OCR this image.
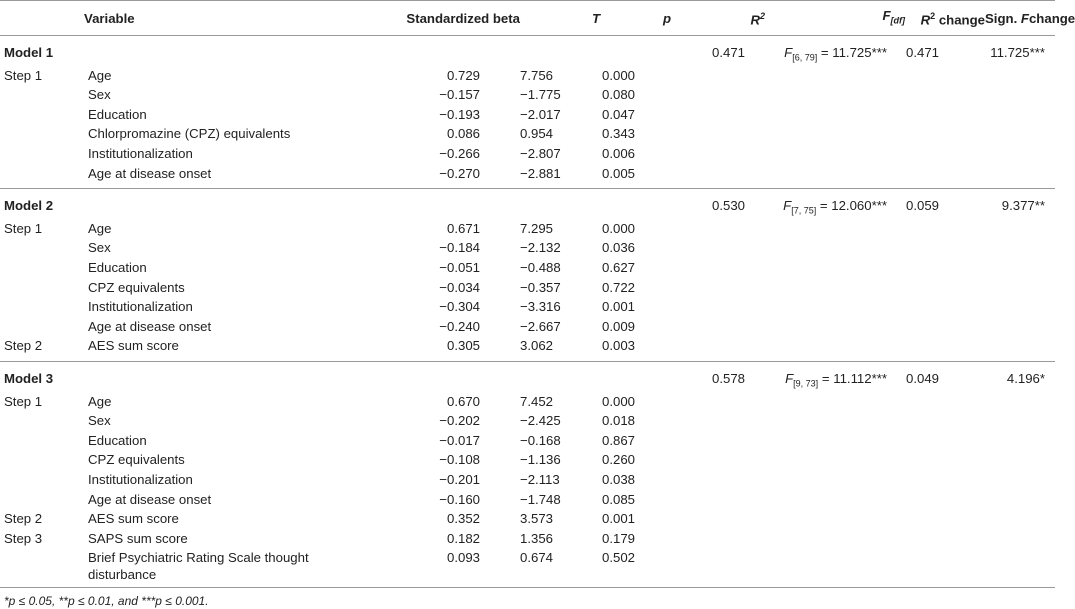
	Variable	Standardized beta	T	p	$R^2$	$F_{[df]}$	$R^2$ change	Sign. Fchange
Model 1					0.471	$F_{[6, 79]} = 11.725***$	0.471	11.725***
Step 1	Age	0.729	7.756	0.000				
	Sex	−0.157	−1.775	0.080				
	Education	−0.193	−2.017	0.047				
	Chlorpromazine (CPZ) equivalents	0.086	0.954	0.343				
	Institutionalization	−0.266	−2.807	0.006				
	Age at disease onset	−0.270	−2.881	0.005				
Model 2					0.530	$F_{[7, 75]} = 12.060***$	0.059	9.377**
Step 1	Age	0.671	7.295	0.000				
	Sex	−0.184	−2.132	0.036				
	Education	−0.051	−0.488	0.627				
	CPZ equivalents	−0.034	−0.357	0.722				
	Institutionalization	−0.304	−3.316	0.001				
	Age at disease onset	−0.240	−2.667	0.009				
Step 2	AES sum score	0.305	3.062	0.003				
Model 3					0.578	$F_{[9, 73]} = 11.112***$	0.049	4.196*
Step 1	Age	0.670	7.452	0.000				
	Sex	−0.202	−2.425	0.018				
	Education	−0.017	−0.168	0.867				
	CPZ equivalents	−0.108	−1.136	0.260				
	Institutionalization	−0.201	−2.113	0.038				
	Age at disease onset	−0.160	−1.748	0.085				
Step 2	AES sum score	0.352	3.573	0.001				
Step 3	SAPS sum score	0.182	1.356	0.179				
	Brief Psychiatric Rating Scale thought disturbance	0.093	0.674	0.502				
*p ≤ 0.05, **p ≤ 0.01, and ***p ≤ 0.001.
